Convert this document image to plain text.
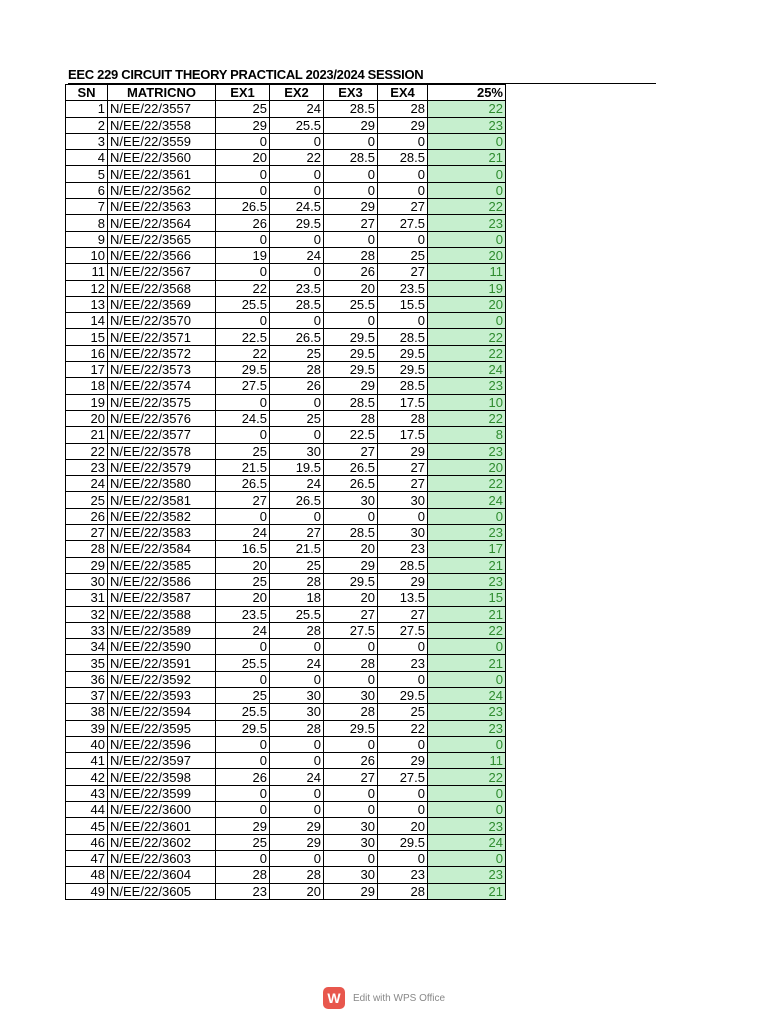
EEC 229 CIRCUIT THEORY PRACTICAL 2023/2024 SESSION
SN	MATRICNO	EX1	EX2	EX3	EX4	25%
1	N/EE/22/3557	25	24	28.5	28	22
2	N/EE/22/3558	29	25.5	29	29	23
3	N/EE/22/3559	0	0	0	0	0
4	N/EE/22/3560	20	22	28.5	28.5	21
5	N/EE/22/3561	0	0	0	0	0
6	N/EE/22/3562	0	0	0	0	0
7	N/EE/22/3563	26.5	24.5	29	27	22
8	N/EE/22/3564	26	29.5	27	27.5	23
9	N/EE/22/3565	0	0	0	0	0
10	N/EE/22/3566	19	24	28	25	20
11	N/EE/22/3567	0	0	26	27	11
12	N/EE/22/3568	22	23.5	20	23.5	19
13	N/EE/22/3569	25.5	28.5	25.5	15.5	20
14	N/EE/22/3570	0	0	0	0	0
15	N/EE/22/3571	22.5	26.5	29.5	28.5	22
16	N/EE/22/3572	22	25	29.5	29.5	22
17	N/EE/22/3573	29.5	28	29.5	29.5	24
18	N/EE/22/3574	27.5	26	29	28.5	23
19	N/EE/22/3575	0	0	28.5	17.5	10
20	N/EE/22/3576	24.5	25	28	28	22
21	N/EE/22/3577	0	0	22.5	17.5	8
22	N/EE/22/3578	25	30	27	29	23
23	N/EE/22/3579	21.5	19.5	26.5	27	20
24	N/EE/22/3580	26.5	24	26.5	27	22
25	N/EE/22/3581	27	26.5	30	30	24
26	N/EE/22/3582	0	0	0	0	0
27	N/EE/22/3583	24	27	28.5	30	23
28	N/EE/22/3584	16.5	21.5	20	23	17
29	N/EE/22/3585	20	25	29	28.5	21
30	N/EE/22/3586	25	28	29.5	29	23
31	N/EE/22/3587	20	18	20	13.5	15
32	N/EE/22/3588	23.5	25.5	27	27	21
33	N/EE/22/3589	24	28	27.5	27.5	22
34	N/EE/22/3590	0	0	0	0	0
35	N/EE/22/3591	25.5	24	28	23	21
36	N/EE/22/3592	0	0	0	0	0
37	N/EE/22/3593	25	30	30	29.5	24
38	N/EE/22/3594	25.5	30	28	25	23
39	N/EE/22/3595	29.5	28	29.5	22	23
40	N/EE/22/3596	0	0	0	0	0
41	N/EE/22/3597	0	0	26	29	11
42	N/EE/22/3598	26	24	27	27.5	22
43	N/EE/22/3599	0	0	0	0	0
44	N/EE/22/3600	0	0	0	0	0
45	N/EE/22/3601	29	29	30	20	23
46	N/EE/22/3602	25	29	30	29.5	24
47	N/EE/22/3603	0	0	0	0	0
48	N/EE/22/3604	28	28	30	23	23
49	N/EE/22/3605	23	20	29	28	21
W	Edit with WPS Office
